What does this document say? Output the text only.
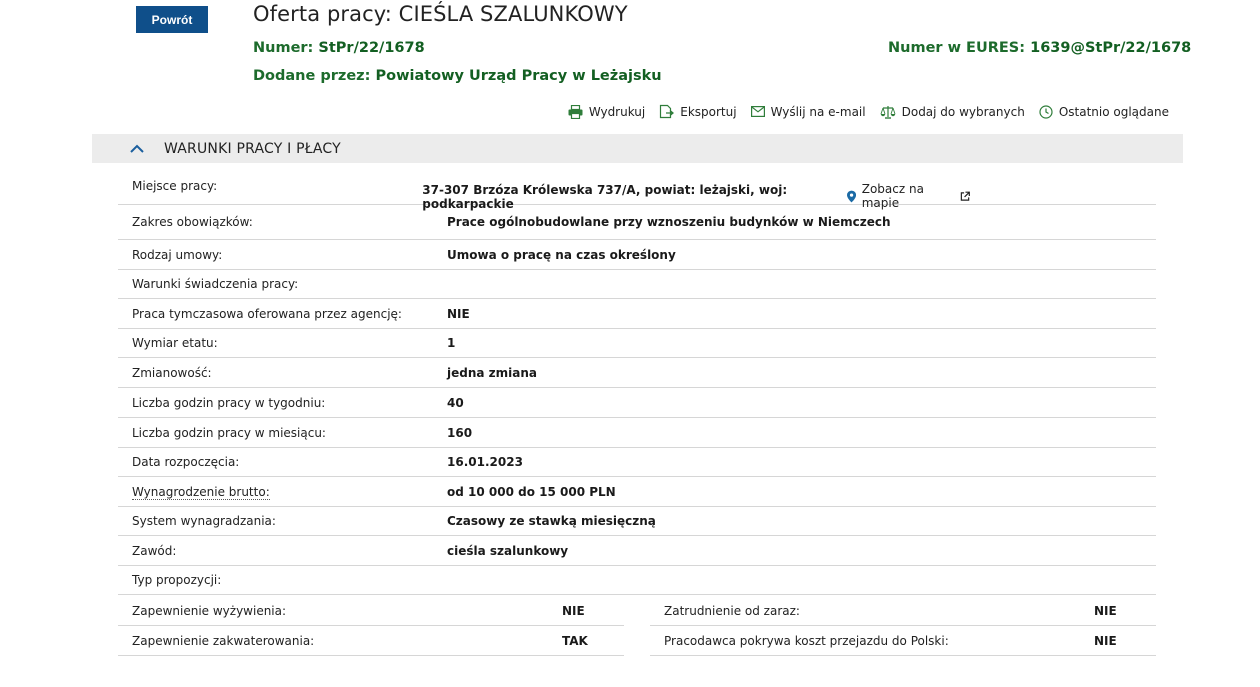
Powrót	Oferta pracy: CIEŚLA SZALUNKOWY
Numer: StPr/22/1678
Dodane przez: Powiatowy Urząd Pracy w Leżajsku
Numer w EURES: 1639@StPr/22/1678
Wydrukuj	Eksportuj	Wyślij na e-mail	Dodaj do wybranych	Ostatnio oglądane
WARUNKI PRACY I PŁACY
Miejsce pracy:	37-307 Brzóza Królewska 737/A, powiat: leżajski, woj: podkarpackie
Zobacz na mapie
Zakres obowiązków:	Prace ogólnobudowlane przy wznoszeniu budynków w Niemczech
Rodzaj umowy:	Umowa o pracę na czas określony
Warunki świadczenia pracy:
Praca tymczasowa oferowana przez agencję:	NIE
Wymiar etatu:	1
Zmianowość:	jedna zmiana
Liczba godzin pracy w tygodniu:	40
Liczba godzin pracy w miesiącu:	160
Data rozpoczęcia:	16.01.2023
Wynagrodzenie brutto:	od 10 000 do 15 000 PLN
System wynagradzania:	Czasowy ze stawką miesięczną
Zawód:	cieśla szalunkowy
Typ propozycji:
Zapewnienie wyżywienia:	NIE	Zatrudnienie od zaraz:	NIE
Zapewnienie zakwaterowania:	TAK	Pracodawca pokrywa koszt przejazdu do Polski:	NIE
